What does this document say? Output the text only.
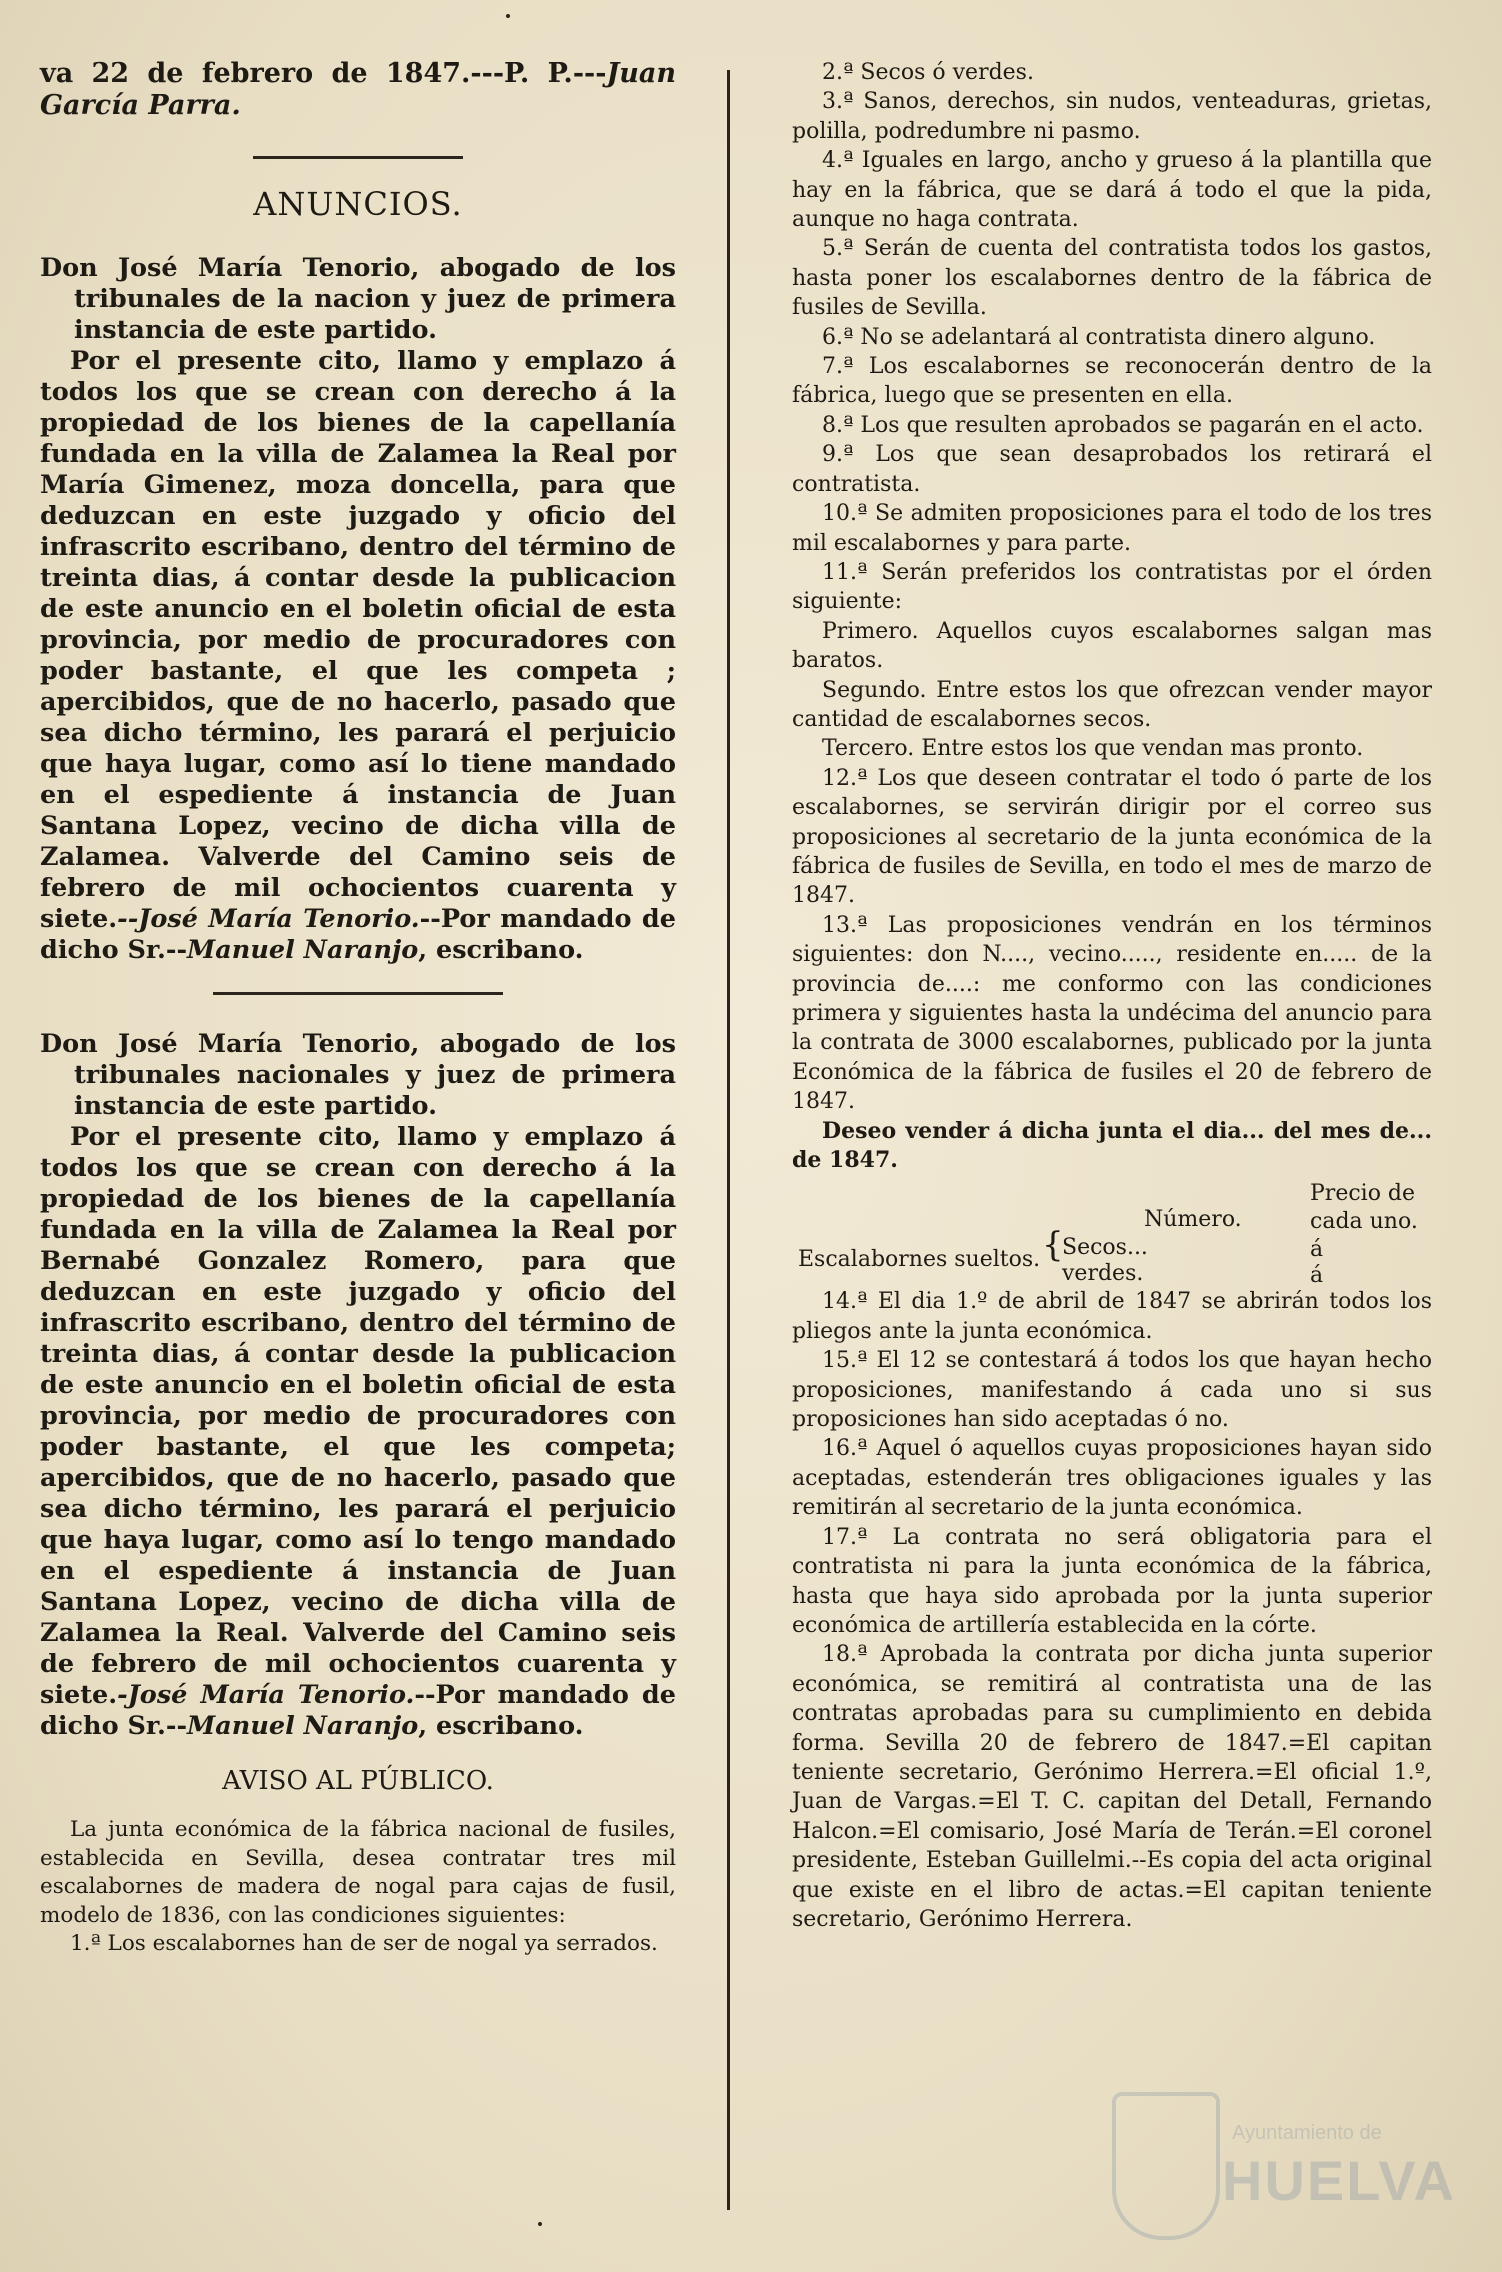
va 22 de febrero de 1847.---P. P.---Juan García Parra.

ANUNCIOS.

Don José María Tenorio, abogado de los tribunales de la nacion y juez de primera instancia de este partido.

Por el presente cito, llamo y emplazo á todos los que se crean con derecho á la propiedad de los bienes de la capellanía fundada en la villa de Zalamea la Real por María Gimenez, moza doncella, para que deduzcan en este juzgado y oficio del infrascrito escribano, dentro del término de treinta dias, á contar desde la publicacion de este anuncio en el boletin oficial de esta provincia, por medio de procuradores con poder bastante, el que les competa ; apercibidos, que de no hacerlo, pasado que sea dicho término, les parará el perjuicio que haya lugar, como así lo tiene mandado en el espediente á instancia de Juan Santana Lopez, vecino de dicha villa de Zalamea. Valverde del Camino seis de febrero de mil ochocientos cuarenta y siete.--José María Tenorio.--Por mandado de dicho Sr.--Manuel Naranjo, escribano.

Don José María Tenorio, abogado de los tribunales nacionales y juez de primera instancia de este partido.

Por el presente cito, llamo y emplazo á todos los que se crean con derecho á la propiedad de los bienes de la capellanía fundada en la villa de Zalamea la Real por Bernabé Gonzalez Romero, para que deduzcan en este juzgado y oficio del infrascrito escribano, dentro del término de treinta dias, á contar desde la publicacion de este anuncio en el boletin oficial de esta provincia, por medio de procuradores con poder bastante, el que les competa; apercibidos, que de no hacerlo, pasado que sea dicho término, les parará el perjuicio que haya lugar, como así lo tengo mandado en el espediente á instancia de Juan Santana Lopez, vecino de dicha villa de Zalamea la Real. Valverde del Camino seis de febrero de mil ochocientos cuarenta y siete.-José María Tenorio.--Por mandado de dicho Sr.--Manuel Naranjo, escribano.

AVISO AL PÚBLICO.

La junta económica de la fábrica nacional de fusiles, establecida en Sevilla, desea contratar tres mil escalabornes de madera de nogal para cajas de fusil, modelo de 1836, con las condiciones siguientes:

1.ª Los escalabornes han de ser de nogal ya serrados.

2.ª Secos ó verdes.

3.ª Sanos, derechos, sin nudos, venteaduras, grietas, polilla, podredumbre ni pasmo.

4.ª Iguales en largo, ancho y grueso á la plantilla que hay en la fábrica, que se dará á todo el que la pida, aunque no haga contrata.

5.ª Serán de cuenta del contratista todos los gastos, hasta poner los escalabornes dentro de la fábrica de fusiles de Sevilla.

6.ª No se adelantará al contratista dinero alguno.

7.ª Los escalabornes se reconocerán dentro de la fábrica, luego que se presenten en ella.

8.ª Los que resulten aprobados se pagarán en el acto.

9.ª Los que sean desaprobados los retirará el contratista.

10.ª Se admiten proposiciones para el todo de los tres mil escalabornes y para parte.

11.ª Serán preferidos los contratistas por el órden siguiente:

Primero. Aquellos cuyos escalabornes salgan mas baratos.

Segundo. Entre estos los que ofrezcan vender mayor cantidad de escalabornes secos.

Tercero. Entre estos los que vendan mas pronto.

12.ª Los que deseen contratar el todo ó parte de los escalabornes, se servirán dirigir por el correo sus proposiciones al secretario de la junta económica de la fábrica de fusiles de Sevilla, en todo el mes de marzo de 1847.

13.ª Las proposiciones vendrán en los términos siguientes: don N...., vecino....., residente en..... de la provincia de....: me conformo con las condiciones primera y siguientes hasta la undécima del anuncio para la contrata de 3000 escalabornes, publicado por la junta Económica de la fábrica de fusiles el 20 de febrero de 1847.

Deseo vender á dicha junta el dia... del mes de... de 1847.

Precio de
cada uno.
Número.
Escalabornes sueltos. {
Secos...
verdes.
á
á

14.ª El dia 1.º de abril de 1847 se abrirán todos los pliegos ante la junta económica.

15.ª El 12 se contestará á todos los que hayan hecho proposiciones, manifestando á cada uno si sus proposiciones han sido aceptadas ó no.

16.ª Aquel ó aquellos cuyas proposiciones hayan sido aceptadas, estenderán tres obligaciones iguales y las remitirán al secretario de la junta económica.

17.ª La contrata no será obligatoria para el contratista ni para la junta económica de la fábrica, hasta que haya sido aprobada por la junta superior económica de artillería establecida en la córte.

18.ª Aprobada la contrata por dicha junta superior económica, se remitirá al contratista una de las contratas aprobadas para su cumplimiento en debida forma. Sevilla 20 de febrero de 1847.=El capitan teniente secretario, Gerónimo Herrera.=El oficial 1.º, Juan de Vargas.=El T. C. capitan del Detall, Fernando Halcon.=El comisario, José María de Terán.=El coronel presidente, Esteban Guillelmi.--Es copia del acta original que existe en el libro de actas.=El capitan teniente secretario, Gerónimo Herrera.

Ayuntamiento de
HUELVA
